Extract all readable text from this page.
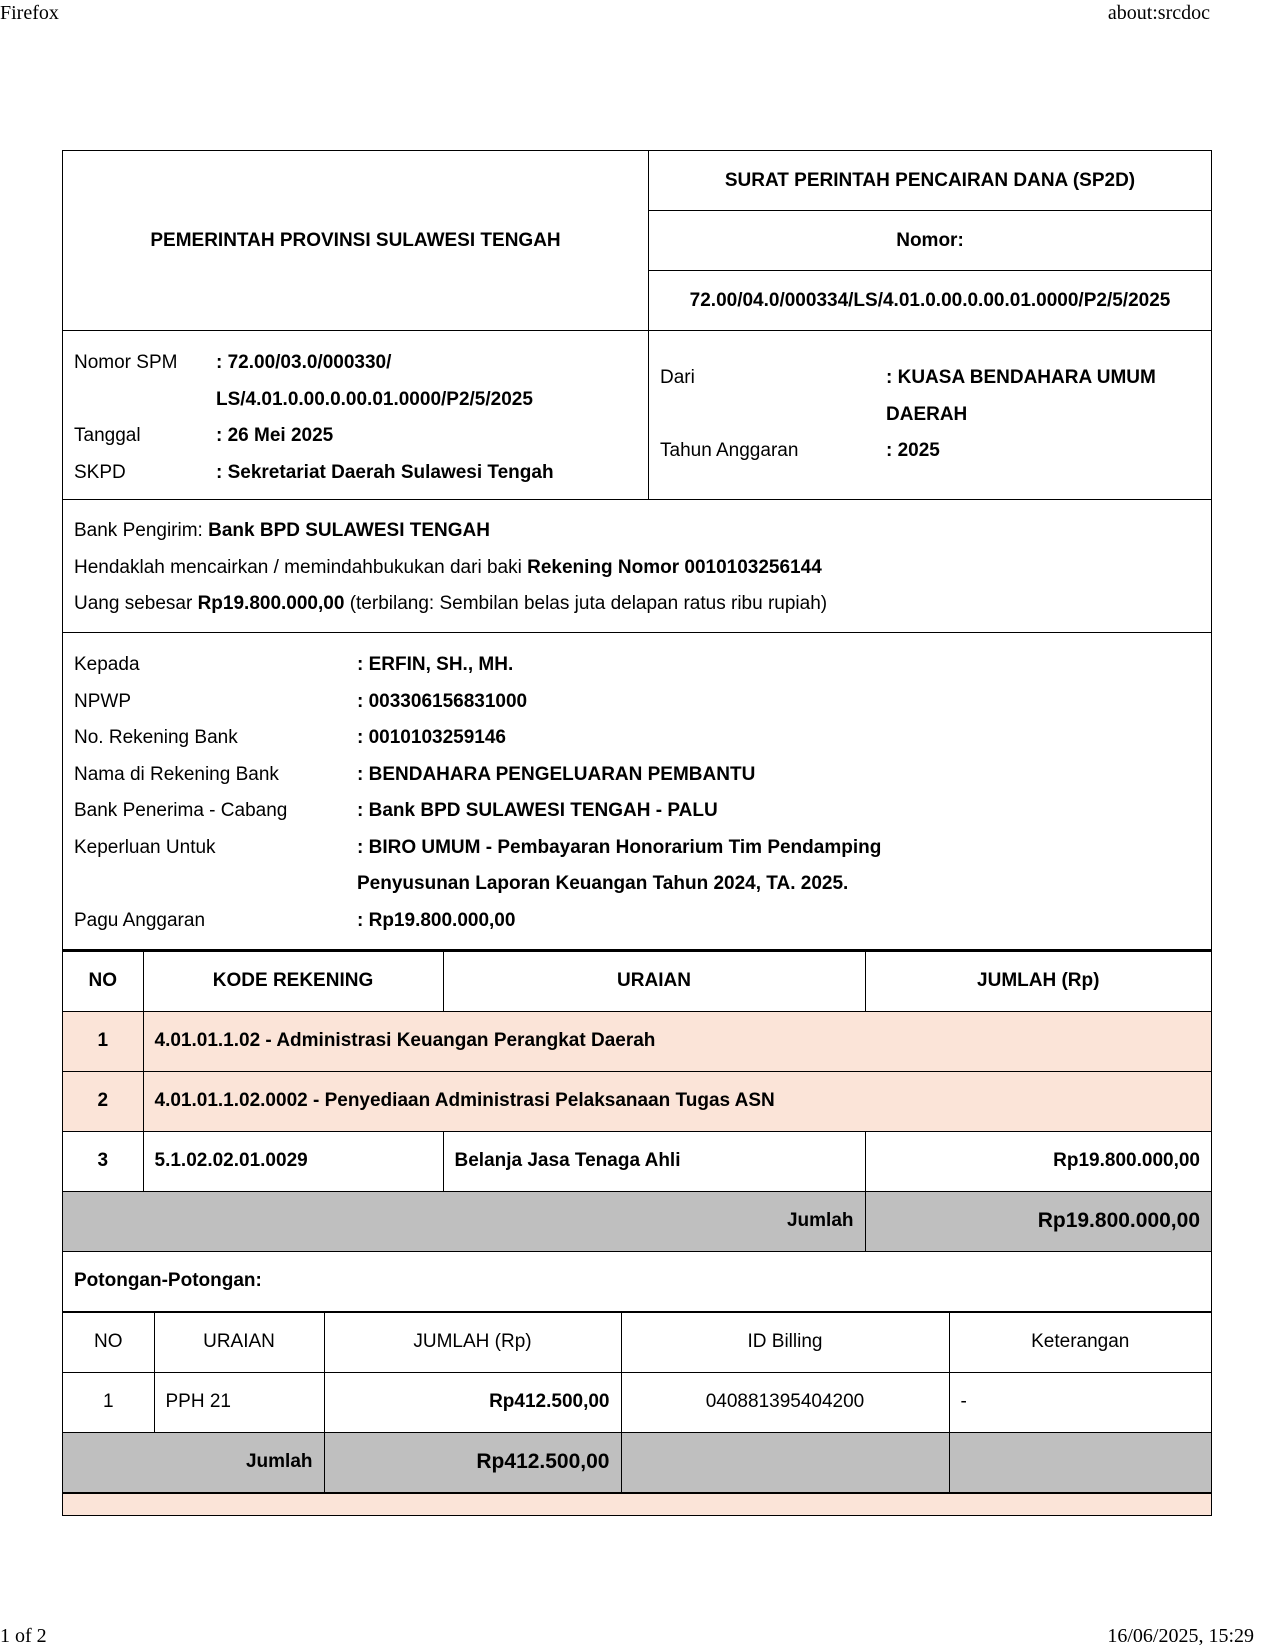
Firefox	about:srcdoc
PEMERINTAH PROVINSI SULAWESI TENGAH
SURAT PERINTAH PENCAIRAN DANA (SP2D)
Nomor:
72.00/04.0/000334/LS/4.01.0.00.0.00.01.0000/P2/5/2025
Nomor SPM	: 72.00/03.0/000330/
LS/4.01.0.00.0.00.01.0000/P2/5/2025
Tanggal	: 26 Mei 2025
SKPD	: Sekretariat Daerah Sulawesi Tengah
Dari	: KUASA BENDAHARA UMUM
DAERAH
Tahun Anggaran	: 2025
Bank Pengirim: Bank BPD SULAWESI TENGAH
Hendaklah mencairkan / memindahbukukan dari baki Rekening Nomor 0010103256144
Uang sebesar Rp19.800.000,00 (terbilang: Sembilan belas juta delapan ratus ribu rupiah)
Kepada	: ERFIN, SH., MH.
NPWP	: 003306156831000
No. Rekening Bank	: 0010103259146
Nama di Rekening Bank	: BENDAHARA PENGELUARAN PEMBANTU
Bank Penerima - Cabang	: Bank BPD SULAWESI TENGAH - PALU
Keperluan Untuk	: BIRO UMUM - Pembayaran Honorarium Tim Pendamping
Penyusunan Laporan Keuangan Tahun 2024, TA. 2025.
Pagu Anggaran	: Rp19.800.000,00
NO	KODE REKENING	URAIAN	JUMLAH (Rp)
1	4.01.01.1.02 - Administrasi Keuangan Perangkat Daerah		
2	4.01.01.1.02.0002 - Penyediaan Administrasi Pelaksanaan Tugas ASN		
3	5.1.02.02.01.0029	Belanja Jasa Tenaga Ahli	Rp19.800.000,00
Jumlah			Rp19.800.000,00
Potongan-Potongan:
NO	URAIAN	JUMLAH (Rp)	ID Billing	Keterangan
1	PPH 21	Rp412.500,00	040881395404200	-
Jumlah		Rp412.500,00		
1 of 2	16/06/2025, 15:29
